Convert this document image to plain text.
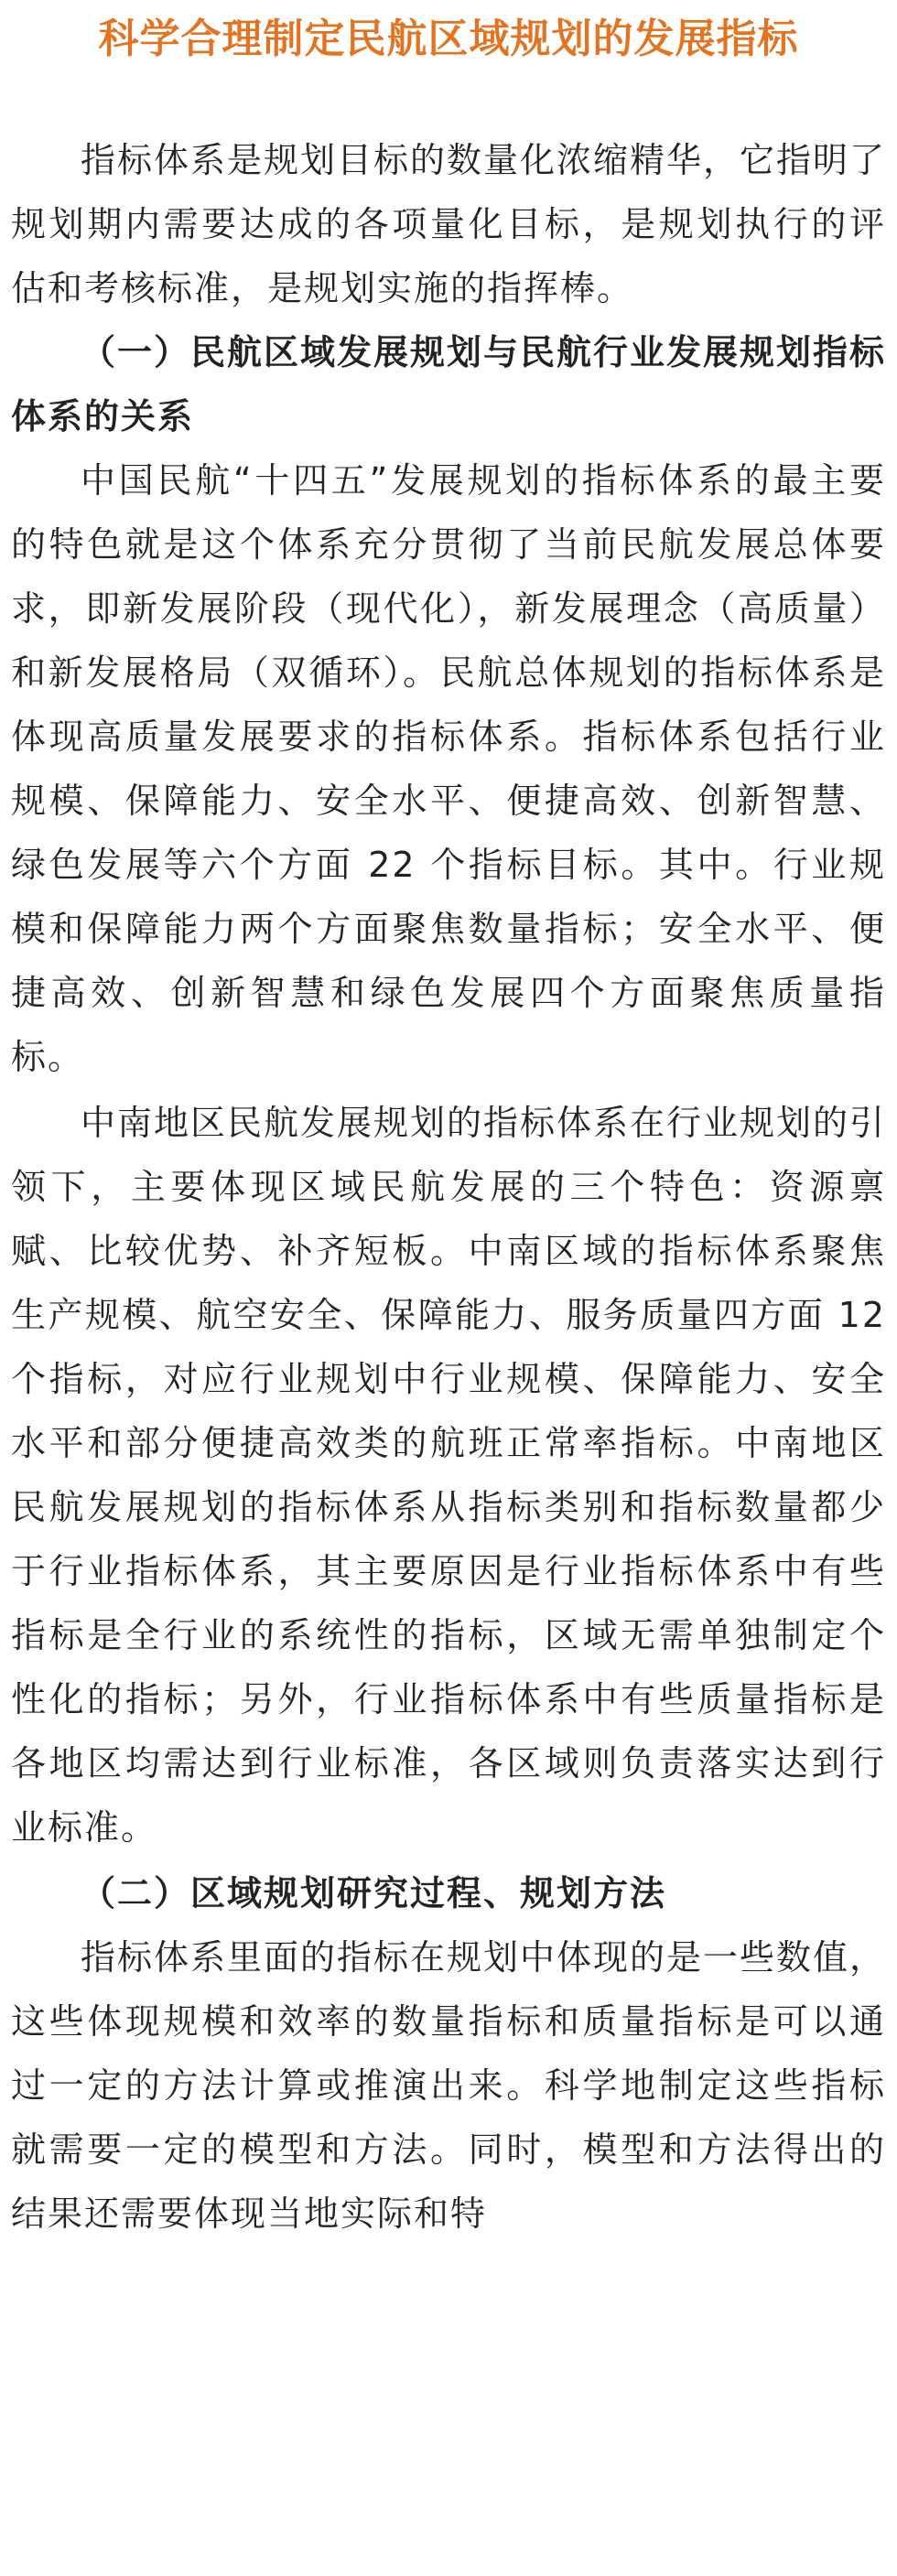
科学合理制定民航区域规划的发展指标

指标体系是规划目标的数量化浓缩精华，它指明了规划期内需要达成的各项量化目标，是规划执行的评估和考核标准，是规划实施的指挥棒。

（一）民航区域发展规划与民航行业发展规划指标体系的关系

中国民航“十四五”发展规划的指标体系的最主要的特色就是这个体系充分贯彻了当前民航发展总体要求，即新发展阶段（现代化），新发展理念（高质量）和新发展格局（双循环）。民航总体规划的指标体系是体现高质量发展要求的指标体系。指标体系包括行业规模、保障能力、安全水平、便捷高效、创新智慧、绿色发展等六个方面 22 个指标目标。其中。行业规模和保障能力两个方面聚焦数量指标；安全水平、便捷高效、创新智慧和绿色发展四个方面聚焦质量指标。

中南地区民航发展规划的指标体系在行业规划的引领下，主要体现区域民航发展的三个特色：资源禀赋、比较优势、补齐短板。中南区域的指标体系聚焦生产规模、航空安全、保障能力、服务质量四方面 12 个指标，对应行业规划中行业规模、保障能力、安全水平和部分便捷高效类的航班正常率指标。中南地区民航发展规划的指标体系从指标类别和指标数量都少于行业指标体系，其主要原因是行业指标体系中有些指标是全行业的系统性的指标，区域无需单独制定个性化的指标；另外，行业指标体系中有些质量指标是各地区均需达到行业标准，各区域则负责落实达到行业标准。

（二）区域规划研究过程、规划方法

指标体系里面的指标在规划中体现的是一些数值，这些体现规模和效率的数量指标和质量指标是可以通过一定的方法计算或推演出来。科学地制定这些指标就需要一定的模型和方法。同时，模型和方法得出的结果还需要体现当地实际和特
